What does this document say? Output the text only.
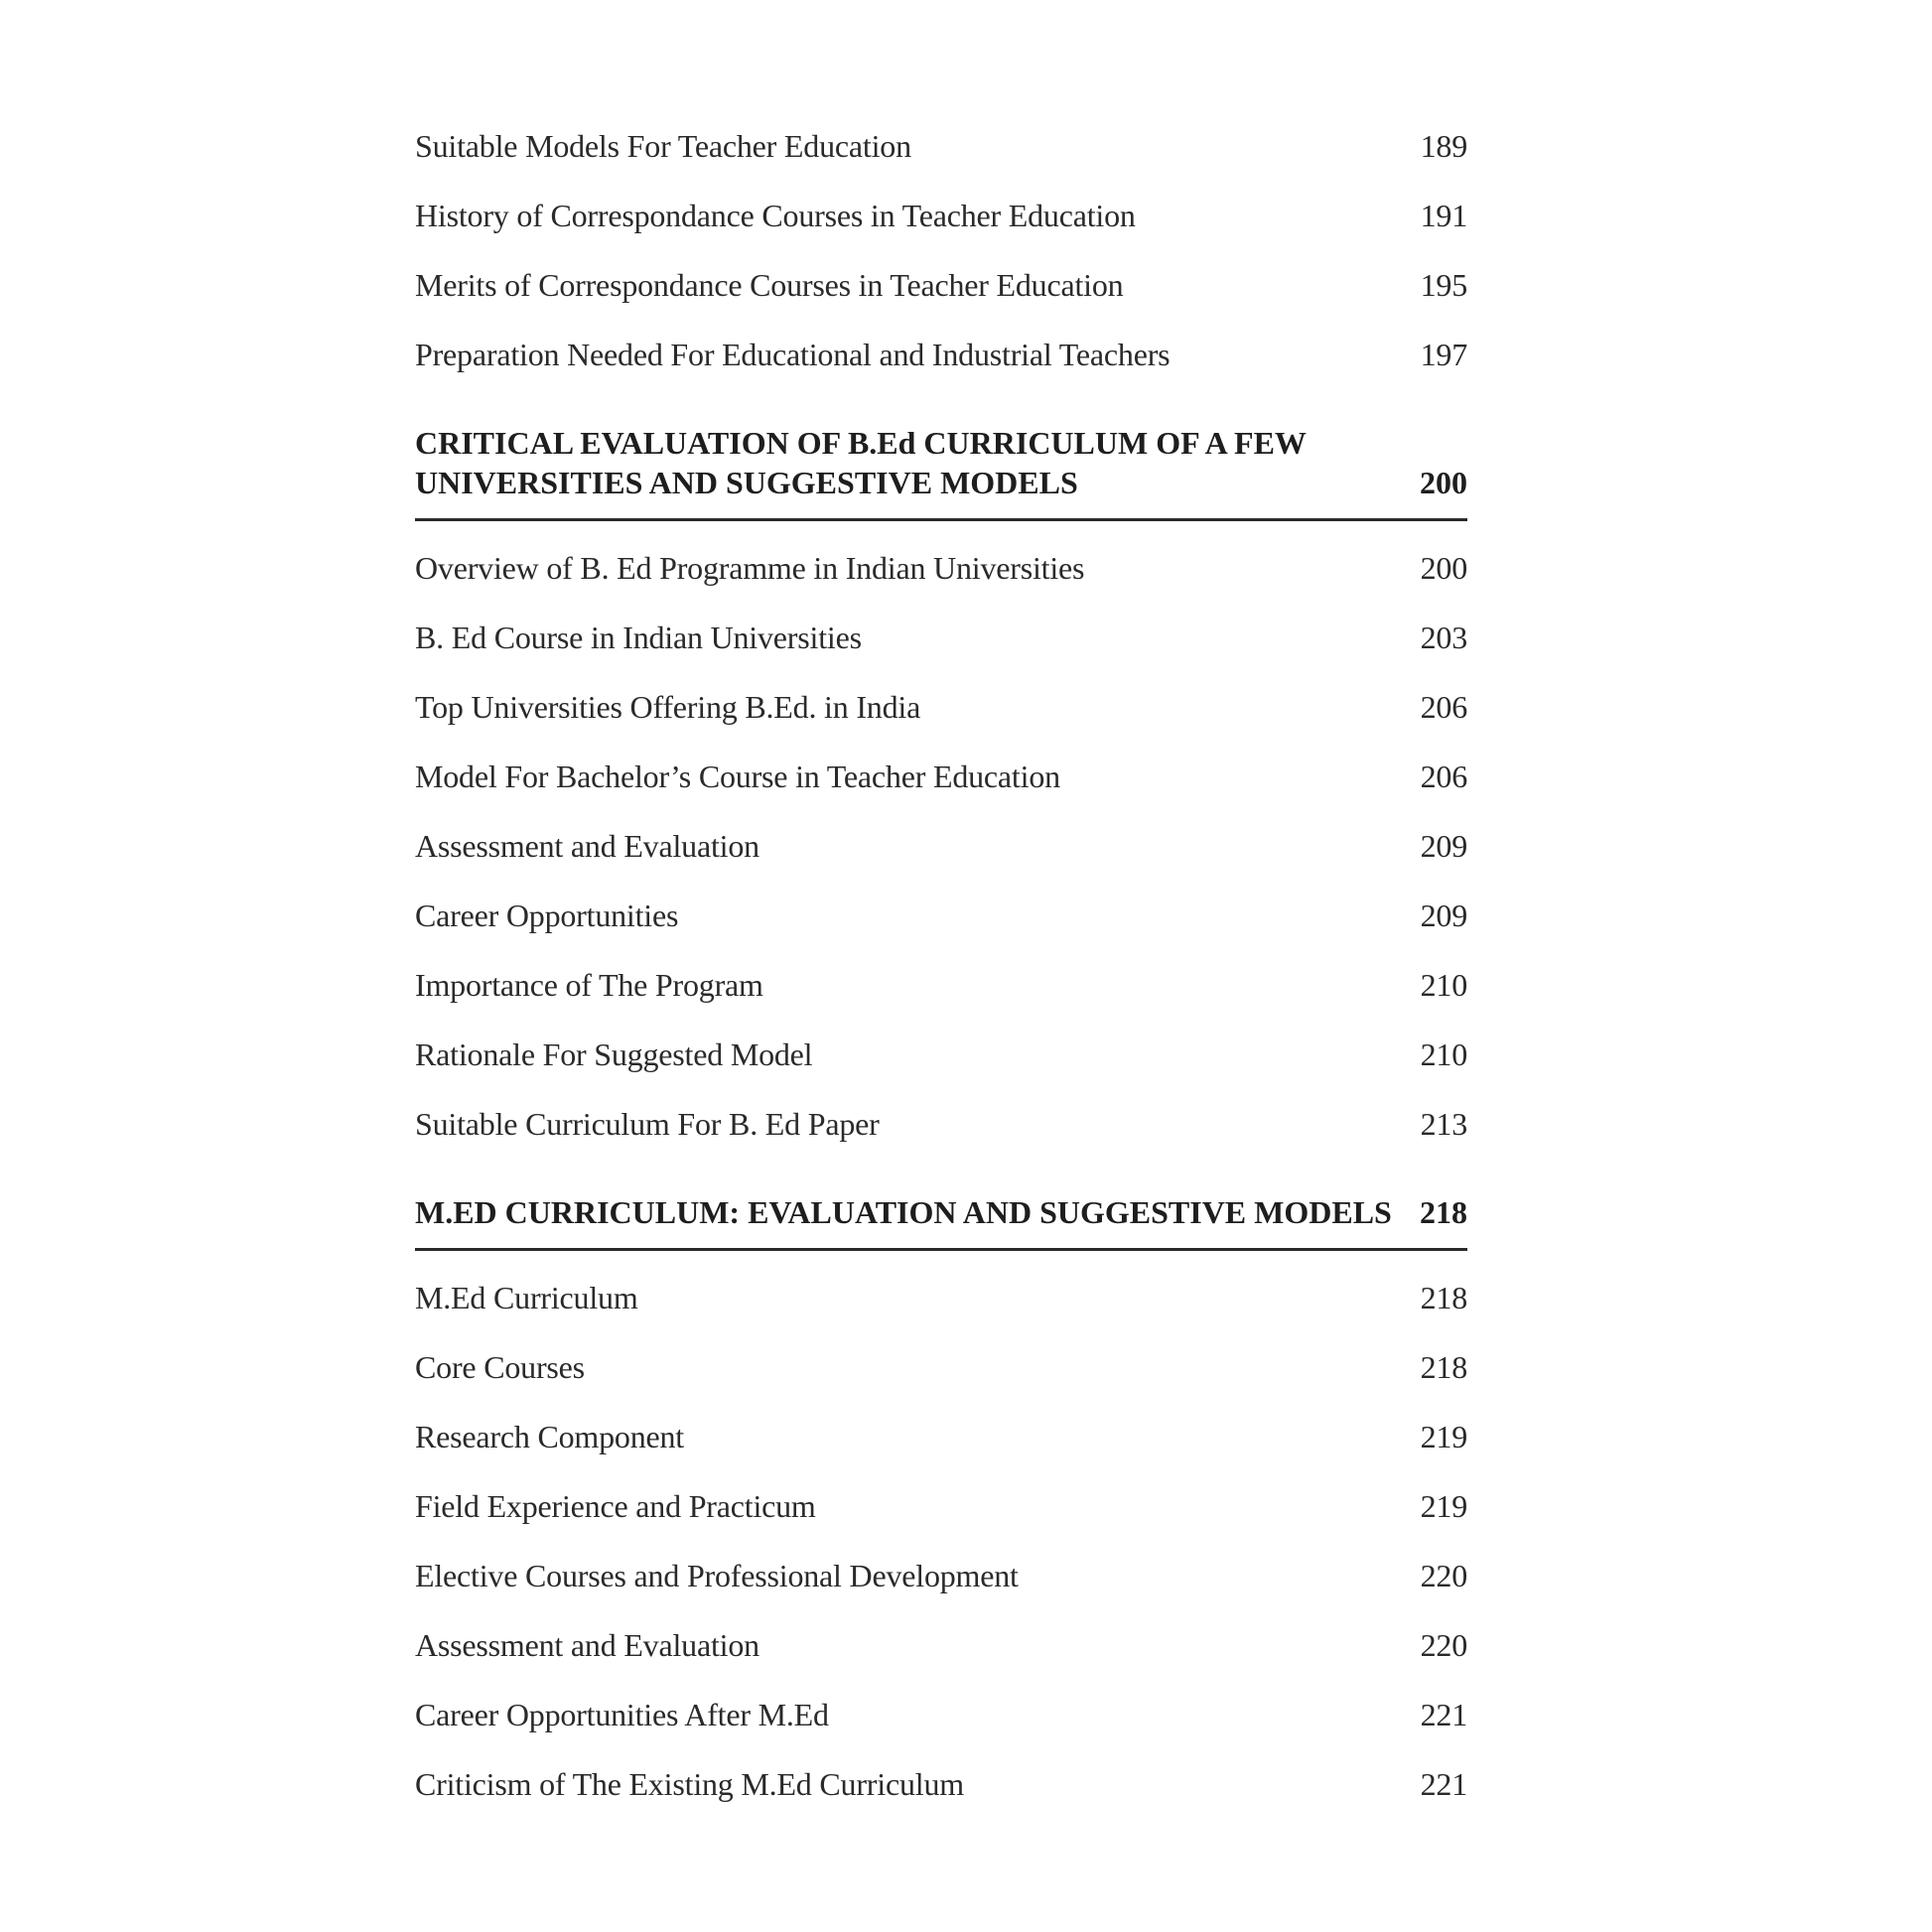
Suitable Models For Teacher Education	189
History of Correspondance Courses in Teacher Education	191
Merits of Correspondance Courses in Teacher Education	195
Preparation Needed For Educational and Industrial Teachers	197
CRITICAL EVALUATION OF B.Ed CURRICULUM OF A FEW
UNIVERSITIES AND SUGGESTIVE MODELS	200
Overview of B. Ed Programme in Indian Universities	200
B. Ed Course in Indian Universities	203
Top Universities Offering B.Ed. in India	206
Model For Bachelor’s Course in Teacher Education	206
Assessment and Evaluation	209
Career Opportunities	209
Importance of The Program	210
Rationale For Suggested Model	210
Suitable Curriculum For B. Ed Paper	213
M.ED CURRICULUM: EVALUATION AND SUGGESTIVE MODELS 218
M.Ed Curriculum	218
Core Courses	218
Research Component	219
Field Experience and Practicum	219
Elective Courses and Professional Development	220
Assessment and Evaluation	220
Career Opportunities After M.Ed	221
Criticism of The Existing M.Ed Curriculum	221
